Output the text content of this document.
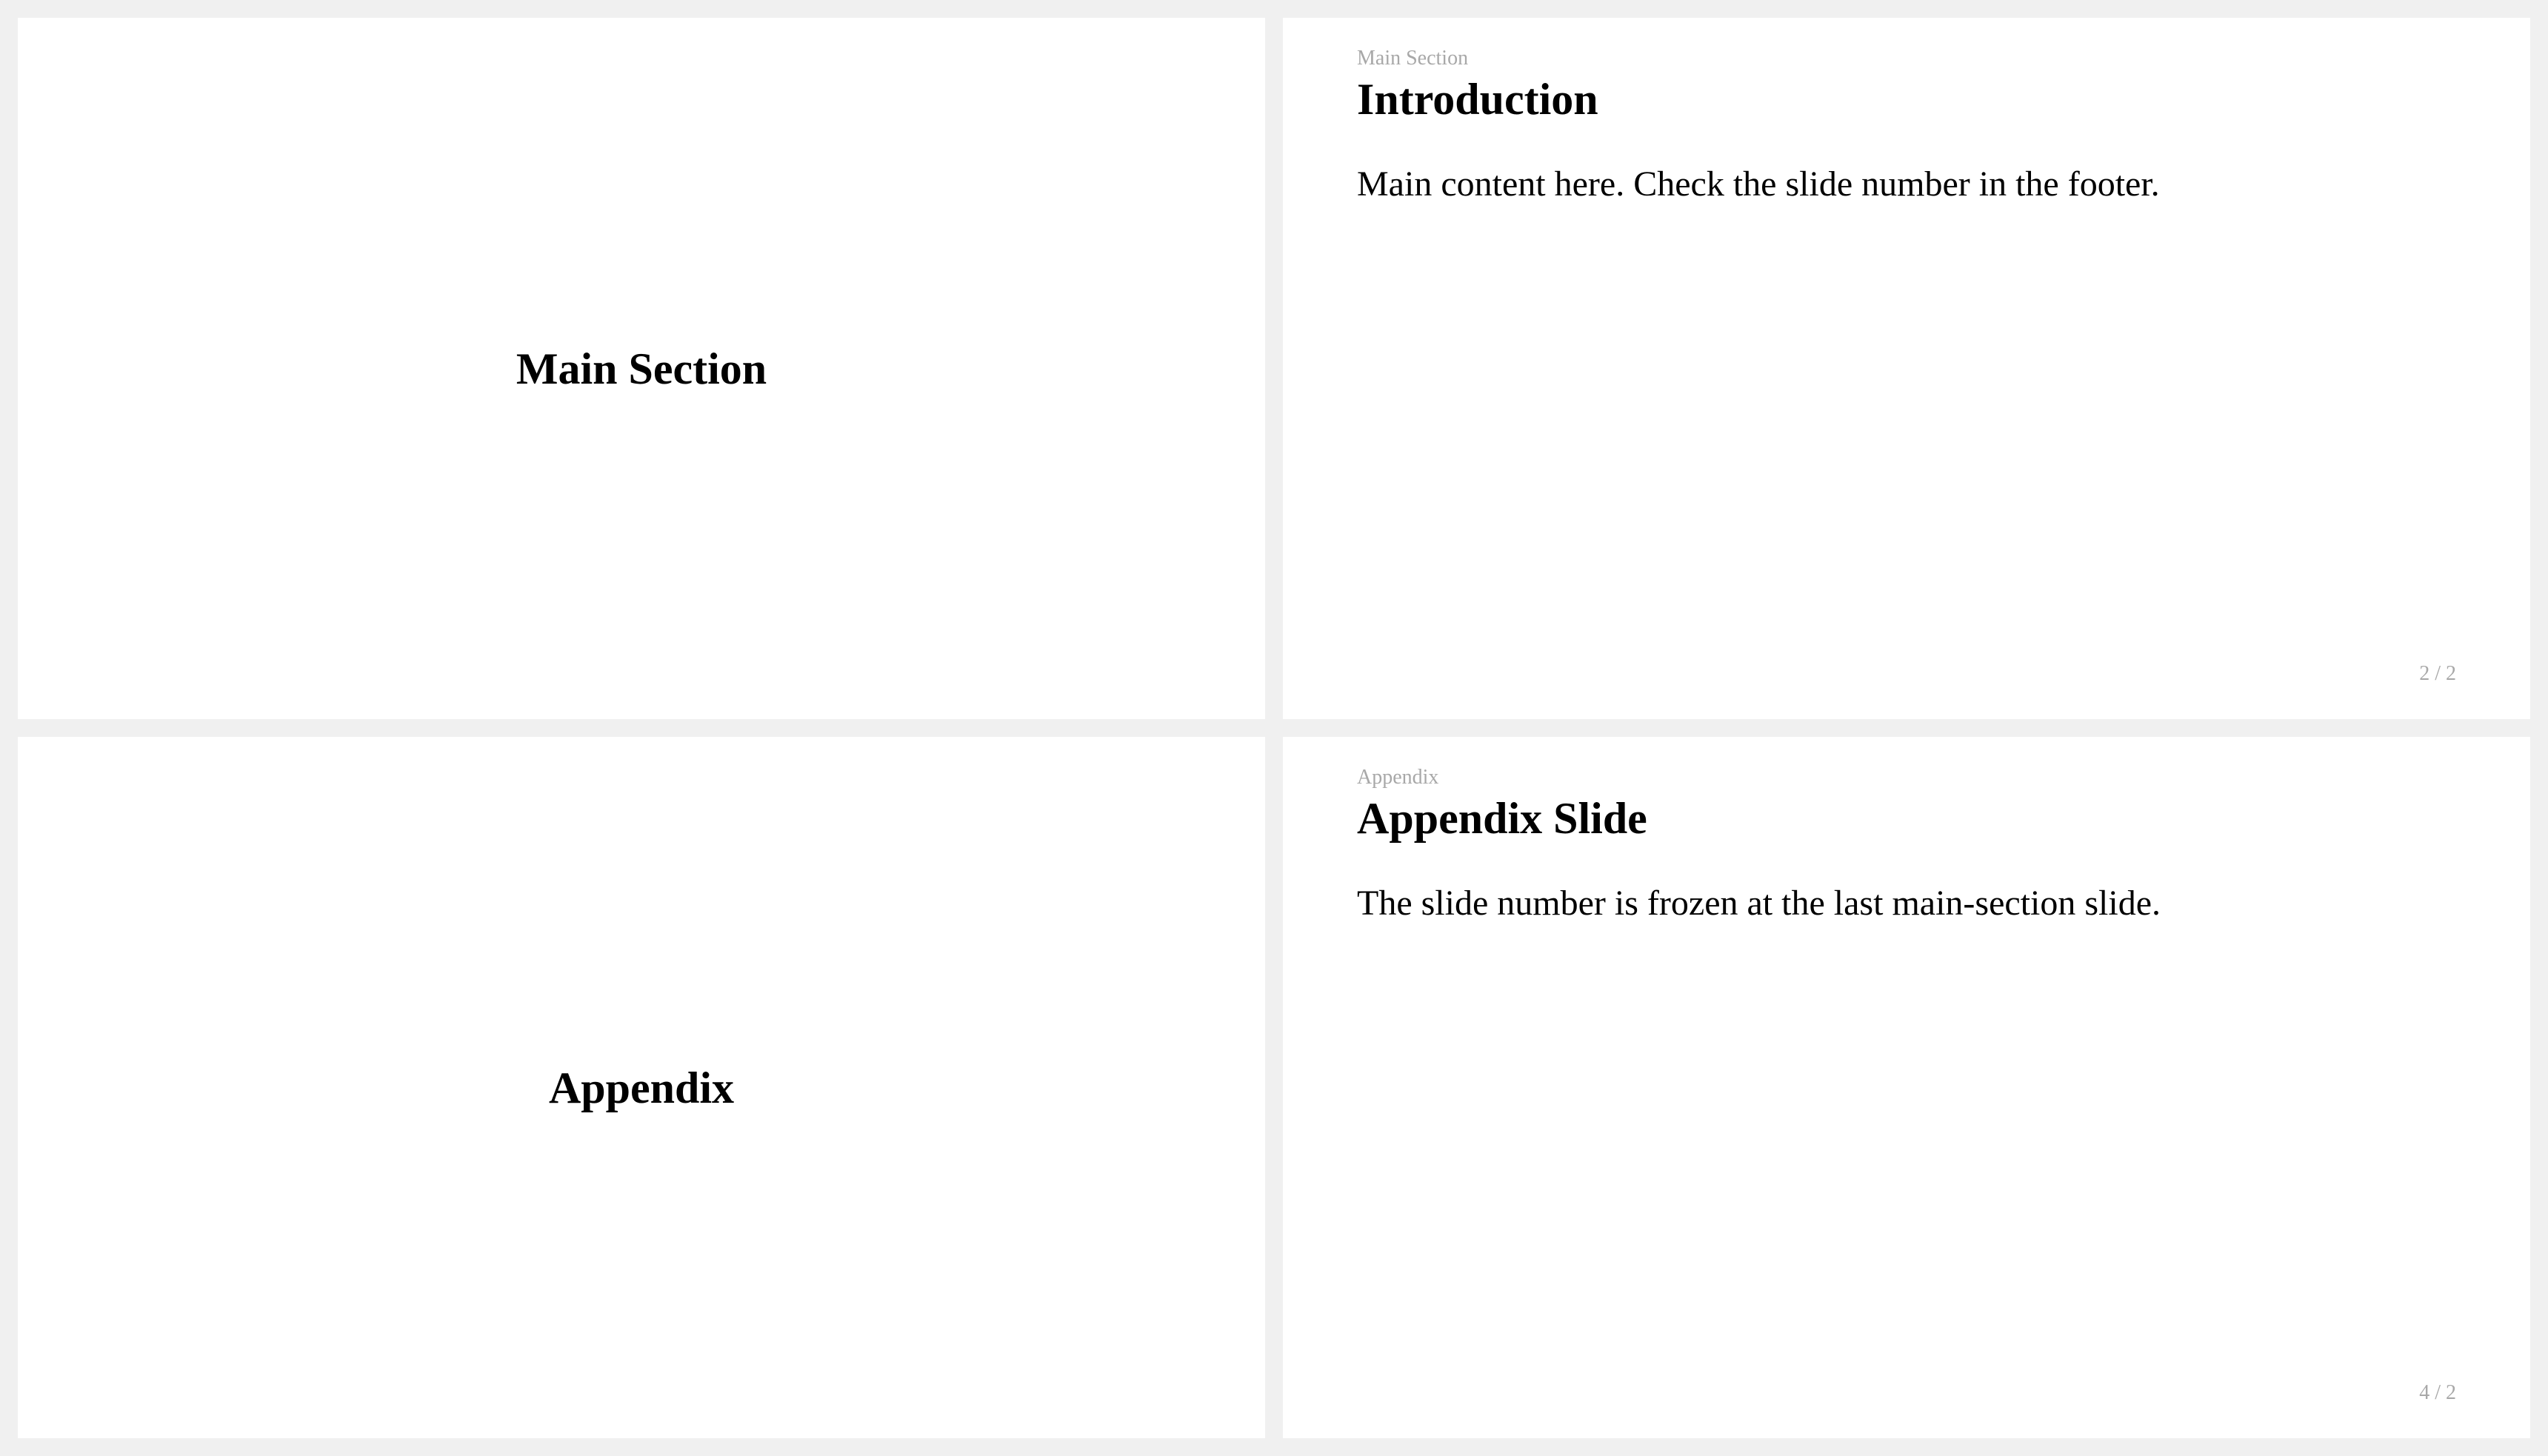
Main Section
Main Section
Introduction

Main content here. Check the slide number in the footer.

2 / 2
Appendix
Appendix
Appendix Slide

The slide number is frozen at the last main-section slide.

4 / 2
